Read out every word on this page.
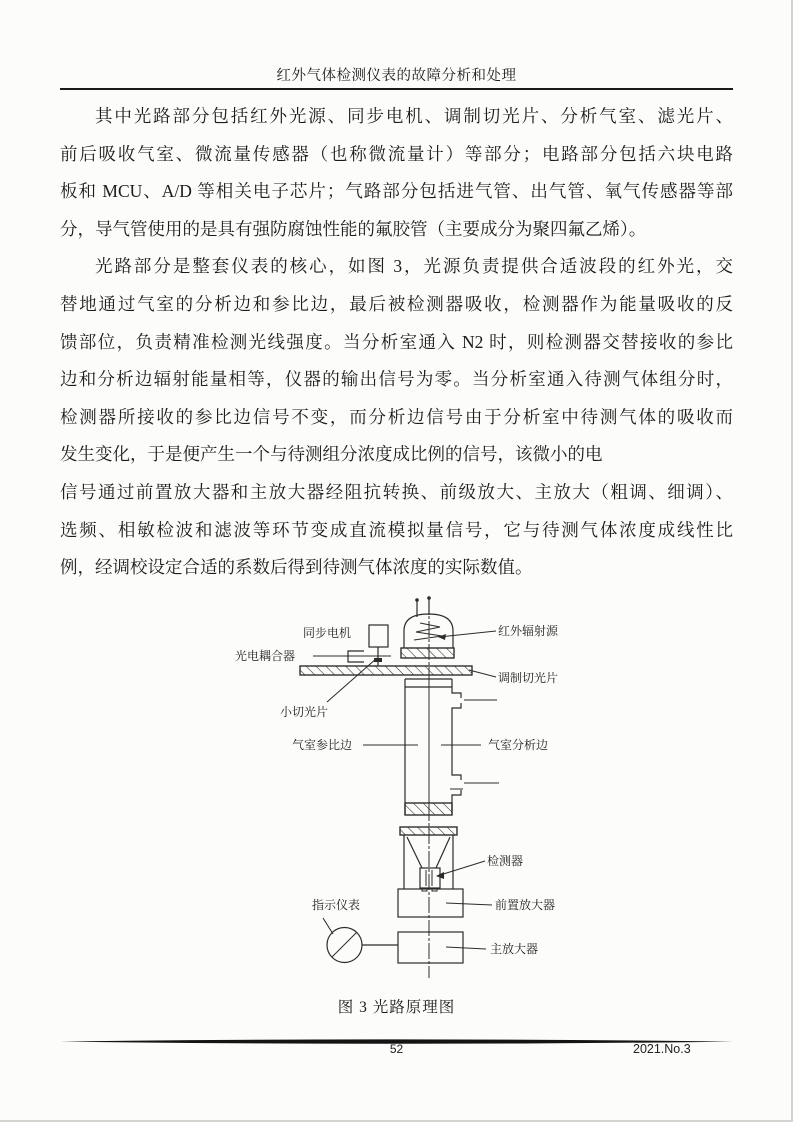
红外气体检测仪表的故障分析和处理
其中光路部分包括红外光源、同步电机、调制切光片、分析气室、滤光片、
前后吸收气室、微流量传感器（也称微流量计）等部分；电路部分包括六块电路
板和 MCU、A/D 等相关电子芯片；气路部分包括进气管、出气管、氧气传感器等部
分，导气管使用的是具有强防腐蚀性能的氟胶管（主要成分为聚四氟乙烯）。
光路部分是整套仪表的核心，如图 3，光源负责提供合适波段的红外光，交
替地通过气室的分析边和参比边，最后被检测器吸收，检测器作为能量吸收的反
馈部位，负责精准检测光线强度。当分析室通入 N2 时，则检测器交替接收的参比
边和分析边辐射能量相等，仪器的输出信号为零。当分析室通入待测气体组分时，
检测器所接收的参比边信号不变，而分析边信号由于分析室中待测气体的吸收而
发生变化，于是便产生一个与待测组分浓度成比例的信号，该微小的电
信号通过前置放大器和主放大器经阻抗转换、前级放大、主放大（粗调、细调）、
选频、相敏检波和滤波等环节变成直流模拟量信号，它与待测气体浓度成线性比
例，经调校设定合适的系数后得到待测气体浓度的实际数值。
同步电机
光电耦合器
红外辐射源
调制切光片
小切光片
气室参比边	气室分析边
检测器
前置放大器
指示仪表
主放大器
图 3 光路原理图
52	2021.No.3
